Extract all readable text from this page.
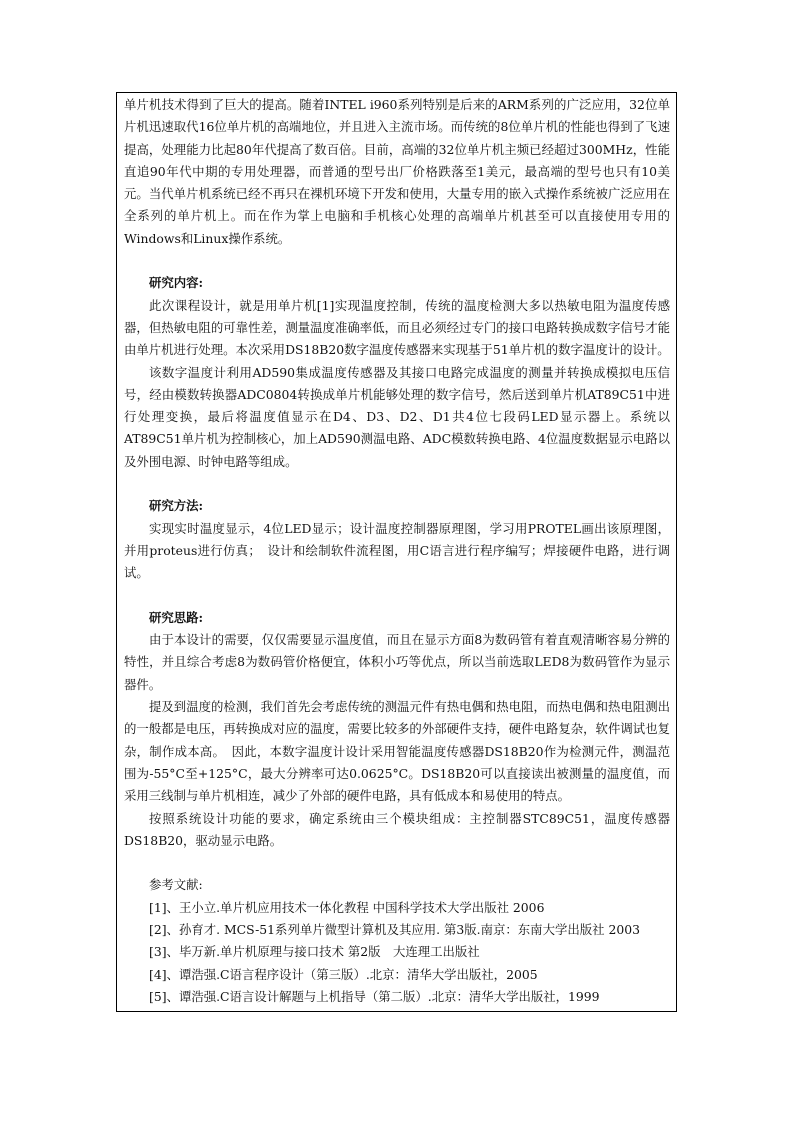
单片机技术得到了巨大的提高。随着INTEL i960系列特别是后来的ARM系列的广泛应用，32位单片机迅速取代16位单片机的高端地位，并且进入主流市场。而传统的8位单片机的性能也得到了飞速提高，处理能力比起80年代提高了数百倍。目前，高端的32位单片机主频已经超过300MHz，性能直追90年代中期的专用处理器，而普通的型号出厂价格跌落至1美元，最高端的型号也只有10美元。当代单片机系统已经不再只在裸机环境下开发和使用，大量专用的嵌入式操作系统被广泛应用在全系列的单片机上。而在作为掌上电脑和手机核心处理的高端单片机甚至可以直接使用专用的Windows和Linux操作系统。

研究内容:

此次课程设计，就是用单片机[1]实现温度控制，传统的温度检测大多以热敏电阻为温度传感器，但热敏电阻的可靠性差，测量温度准确率低，而且必须经过专门的接口电路转换成数字信号才能由单片机进行处理。本次采用DS18B20数字温度传感器来实现基于51单片机的数字温度计的设计。

该数字温度计利用AD590集成温度传感器及其接口电路完成温度的测量并转换成模拟电压信号，经由模数转换器ADC0804转换成单片机能够处理的数字信号，然后送到单片机AT89C51中进行处理变换，最后将温度值显示在D4、D3、D2、D1共4位七段码LED显示器上。系统以AT89C51单片机为控制核心，加上AD590测温电路、ADC模数转换电路、4位温度数据显示电路以及外围电源、时钟电路等组成。

研究方法:

实现实时温度显示，4位LED显示；设计温度控制器原理图，学习用PROTEL画出该原理图，并用proteus进行仿真；　设计和绘制软件流程图，用C语言进行程序编写；焊接硬件电路，进行调试。

研究思路:

由于本设计的需要，仅仅需要显示温度值，而且在显示方面8为数码管有着直观清晰容易分辨的特性，并且综合考虑8为数码管价格便宜，体积小巧等优点，所以当前选取LED8为数码管作为显示器件。

提及到温度的检测，我们首先会考虑传统的测温元件有热电偶和热电阻，而热电偶和热电阻测出的一般都是电压，再转换成对应的温度，需要比较多的外部硬件支持，硬件电路复杂，软件调试也复杂，制作成本高。　因此，本数字温度计设计采用智能温度传感器DS18B20作为检测元件，测温范围为-55°C至+125°C，最大分辨率可达0.0625°C。DS18B20可以直接读出被测量的温度值，而采用三线制与单片机相连，减少了外部的硬件电路，具有低成本和易使用的特点。

按照系统设计功能的要求，确定系统由三个模块组成：主控制器STC89C51，温度传感器DS18B20，驱动显示电路。

参考文献:

[1]、王小立.单片机应用技术一体化教程 中国科学技术大学出版社 2006

[2]、孙育才. MCS-51系列单片微型计算机及其应用. 第3版.南京：东南大学出版社 2003

[3]、毕万新.单片机原理与接口技术 第2版　大连理工出版社

[4]、谭浩强.C语言程序设计（第三版）.北京：清华大学出版社，2005

[5]、谭浩强.C语言设计解题与上机指导（第二版）.北京：清华大学出版社，1999
